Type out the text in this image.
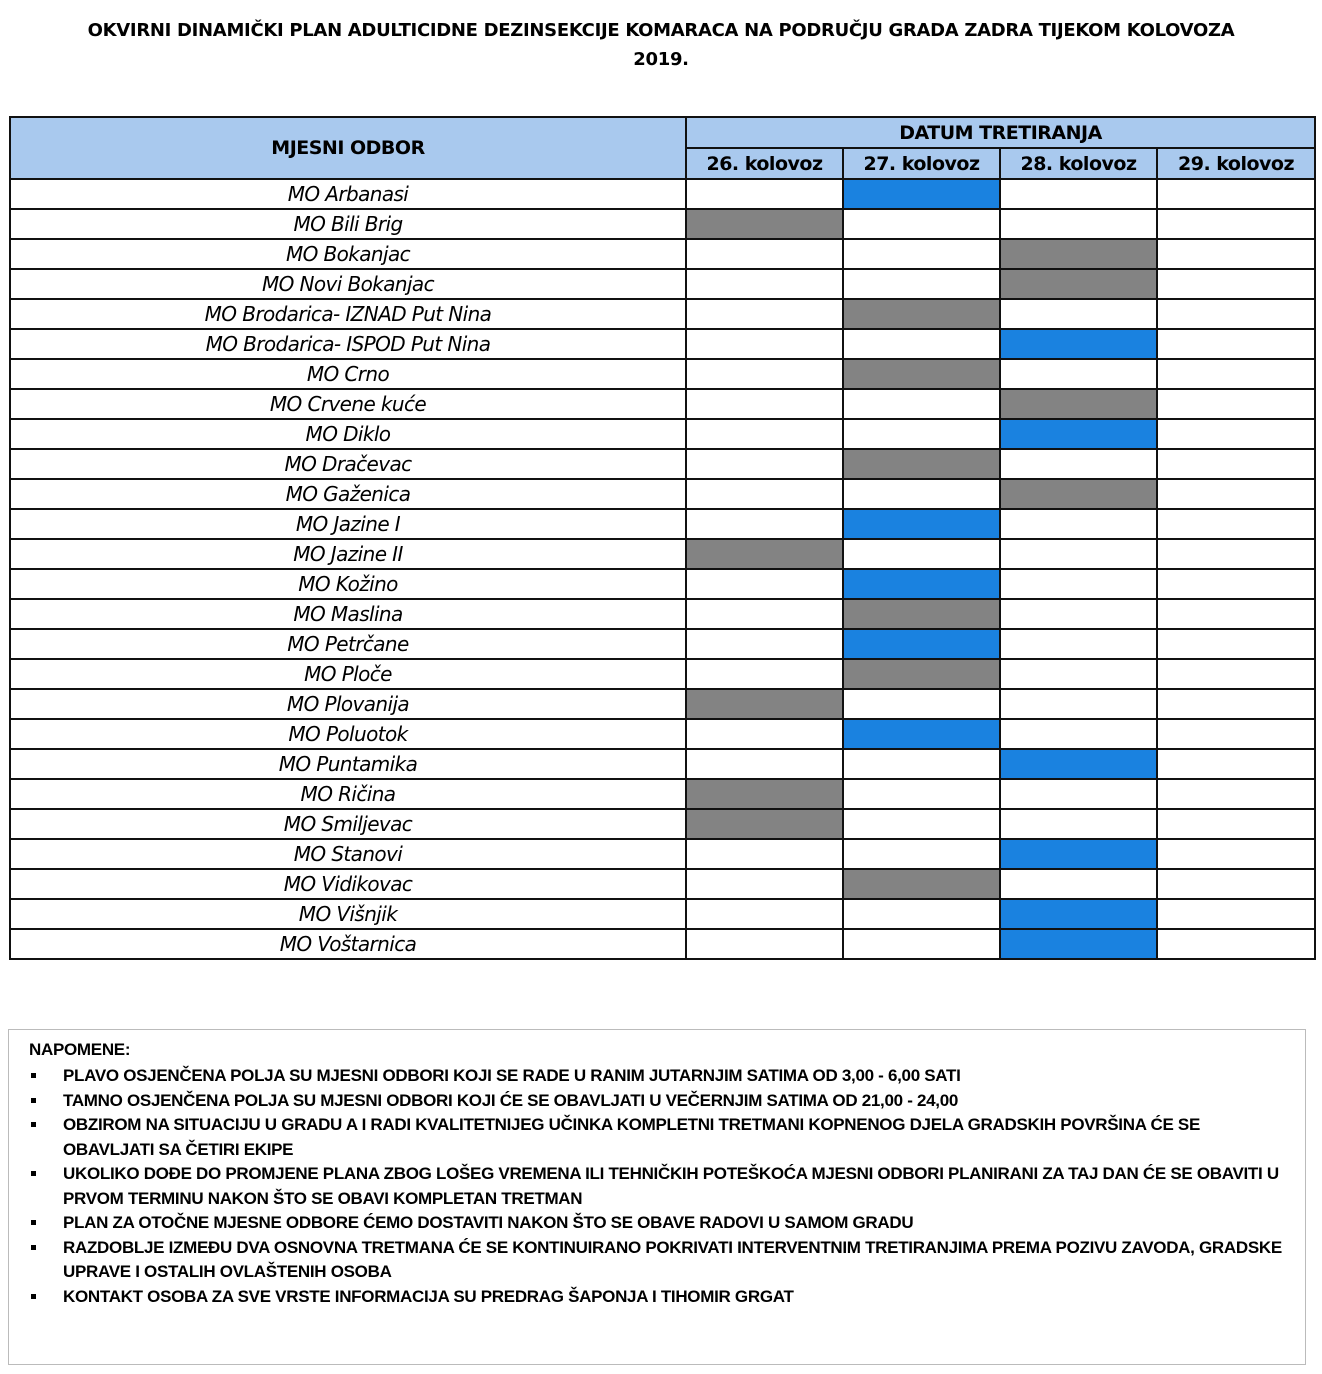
OKVIRNI DINAMIČKI PLAN ADULTICIDNE DEZINSEKCIJE KOMARACA NA PODRUČJU GRADA ZADRA TIJEKOM KOLOVOZA
2019.
MJESNI ODBOR	DATUM TRETIRANJA			
	26. kolovoz	27. kolovoz	28. kolovoz	29. kolovoz
MO Arbanasi				
MO Bili Brig				
MO Bokanjac				
MO Novi Bokanjac				
MO Brodarica- IZNAD Put Nina				
MO Brodarica- ISPOD Put Nina				
MO Crno				
MO Crvene kuće				
MO Diklo				
MO Dračevac				
MO Gaženica				
MO Jazine I				
MO Jazine II				
MO Kožino				
MO Maslina				
MO Petrčane				
MO Ploče				
MO Plovanija				
MO Poluotok				
MO Puntamika				
MO Ričina				
MO Smiljevac				
MO Stanovi				
MO Vidikovac				
MO Višnjik				
MO Voštarnica				
NAPOMENE:
PLAVO OSJENČENA POLJA SU MJESNI ODBORI KOJI SE RADE U RANIM JUTARNJIM SATIMA OD 3,00 - 6,00 SATI
TAMNO OSJENČENA POLJA SU MJESNI ODBORI KOJI ĆE SE OBAVLJATI U VEČERNJIM SATIMA OD 21,00 - 24,00
OBZIROM NA SITUACIJU U GRADU A I RADI KVALITETNIJEG UČINKA KOMPLETNI TRETMANI KOPNENOG DJELA GRADSKIH POVRŠINA ĆE SE OBAVLJATI SA ČETIRI EKIPE
UKOLIKO DOĐE DO PROMJENE PLANA ZBOG LOŠEG VREMENA ILI TEHNIČKIH POTEŠKOĆA MJESNI ODBORI PLANIRANI ZA TAJ DAN ĆE SE OBAVITI U PRVOM TERMINU NAKON ŠTO SE OBAVI KOMPLETAN TRETMAN
PLAN ZA OTOČNE MJESNE ODBORE ĆEMO DOSTAVITI NAKON ŠTO SE OBAVE RADOVI U SAMOM GRADU
RAZDOBLJE IZMEĐU DVA OSNOVNA TRETMANA ĆE SE KONTINUIRANO POKRIVATI INTERVENTNIM TRETIRANJIMA PREMA POZIVU ZAVODA, GRADSKE UPRAVE I OSTALIH OVLAŠTENIH OSOBA
KONTAKT OSOBA ZA SVE VRSTE INFORMACIJA SU PREDRAG ŠAPONJA I TIHOMIR GRGAT
